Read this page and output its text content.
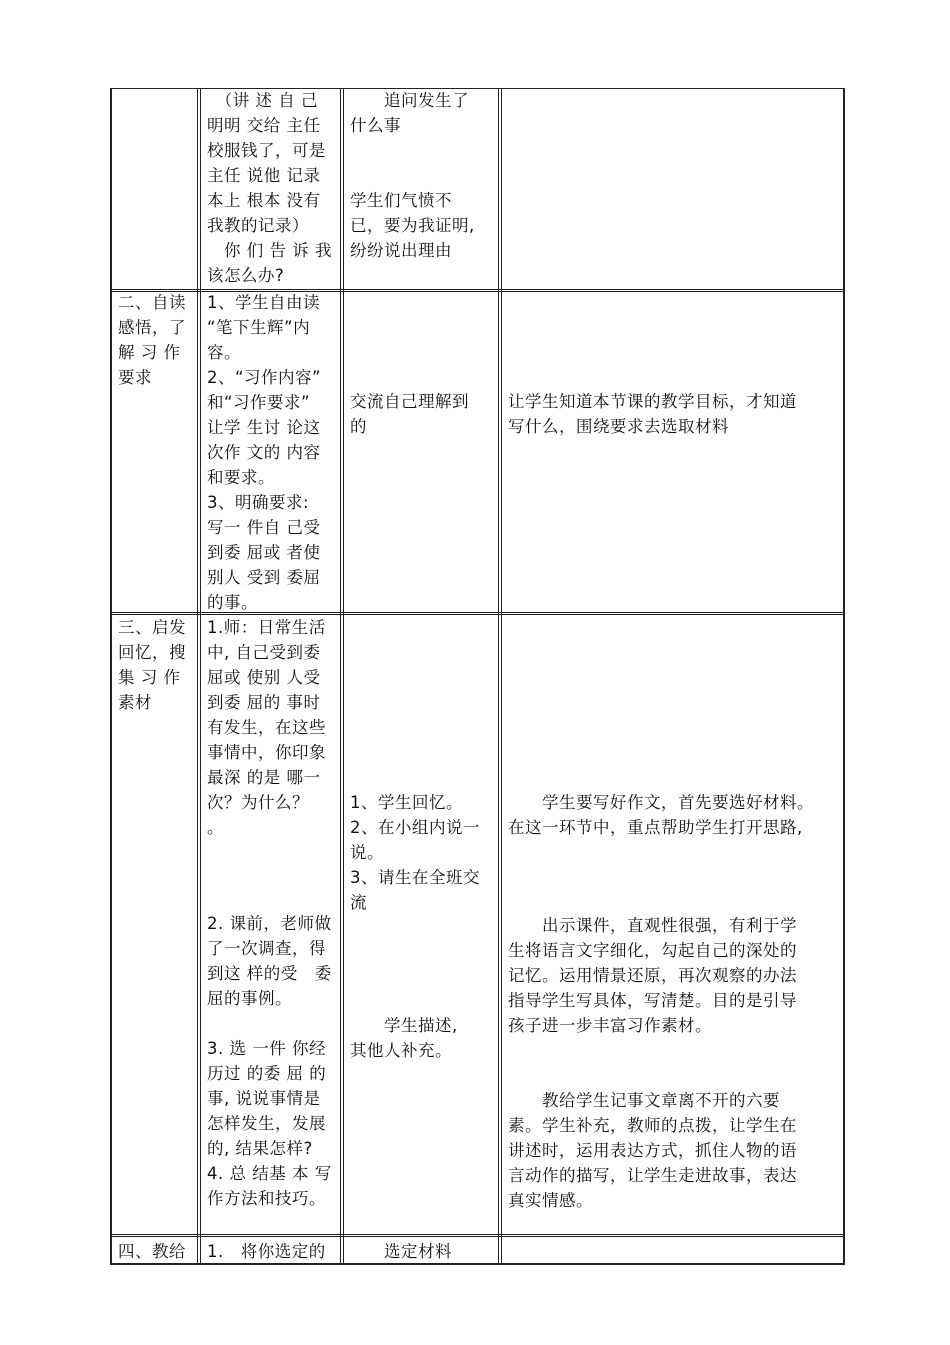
　（讲 述 自 己
明明 交给 主任
校服钱了，可是
主任 说他 记录
本上 根本 没有
我教的记录）
　你 们 告 诉 我
该怎么办?
　　追问发生了
什么事

学生们气愤不
已，要为我证明,
纷纷说出理由
二、自读
感悟，了
解 习 作
要求
1、学生自由读
“笔下生辉”内
容。
2、“习作内容”
和“习作要求”
让学 生讨 论这
次作 文的 内容
和要求。
3、明确要求:
写一 件自 己受
到委 屈或 者使
别人 受到 委屈
的事。
交流自己理解到
的
让学生知道本节课的教学目标，才知道
写什么，围绕要求去选取材料
三、启发
回忆，搜
集 习 作
素材
1.师：日常生活
中, 自己受到委
屈或 使别 人受
到委 屈的 事时
有发生，在这些
事情中，你印象
最深 的是 哪一
次？为什么？
。
2. 课前，老师做
了一次调查，得
到这 样的受　委
屈的事例。
3. 选 一件 你经
历过 的委 屈 的
事, 说说事情是
怎样发生，发展
的, 结果怎样?
4. 总 结基 本 写
作方法和技巧。
1、学生回忆。
2、在小组内说一
说。
3、请生在全班交
流
　　学生描述,
其他人补充。
　　学生要写好作文，首先要选好材料。
在这一环节中，重点帮助学生打开思路,
　　出示课件，直观性很强，有利于学
生将语言文字细化，勾起自己的深处的
记忆。运用情景还原，再次观察的办法
指导学生写具体，写清楚。目的是引导
孩子进一步丰富习作素材。
　　教给学生记事文章离不开的六要
素。学生补充，教师的点拨，让学生在
讲述时，运用表达方式，抓住人物的语
言动作的描写，让学生走进故事，表达
真实情感。
四、教给	1.　将你选定的	　　选定材料
